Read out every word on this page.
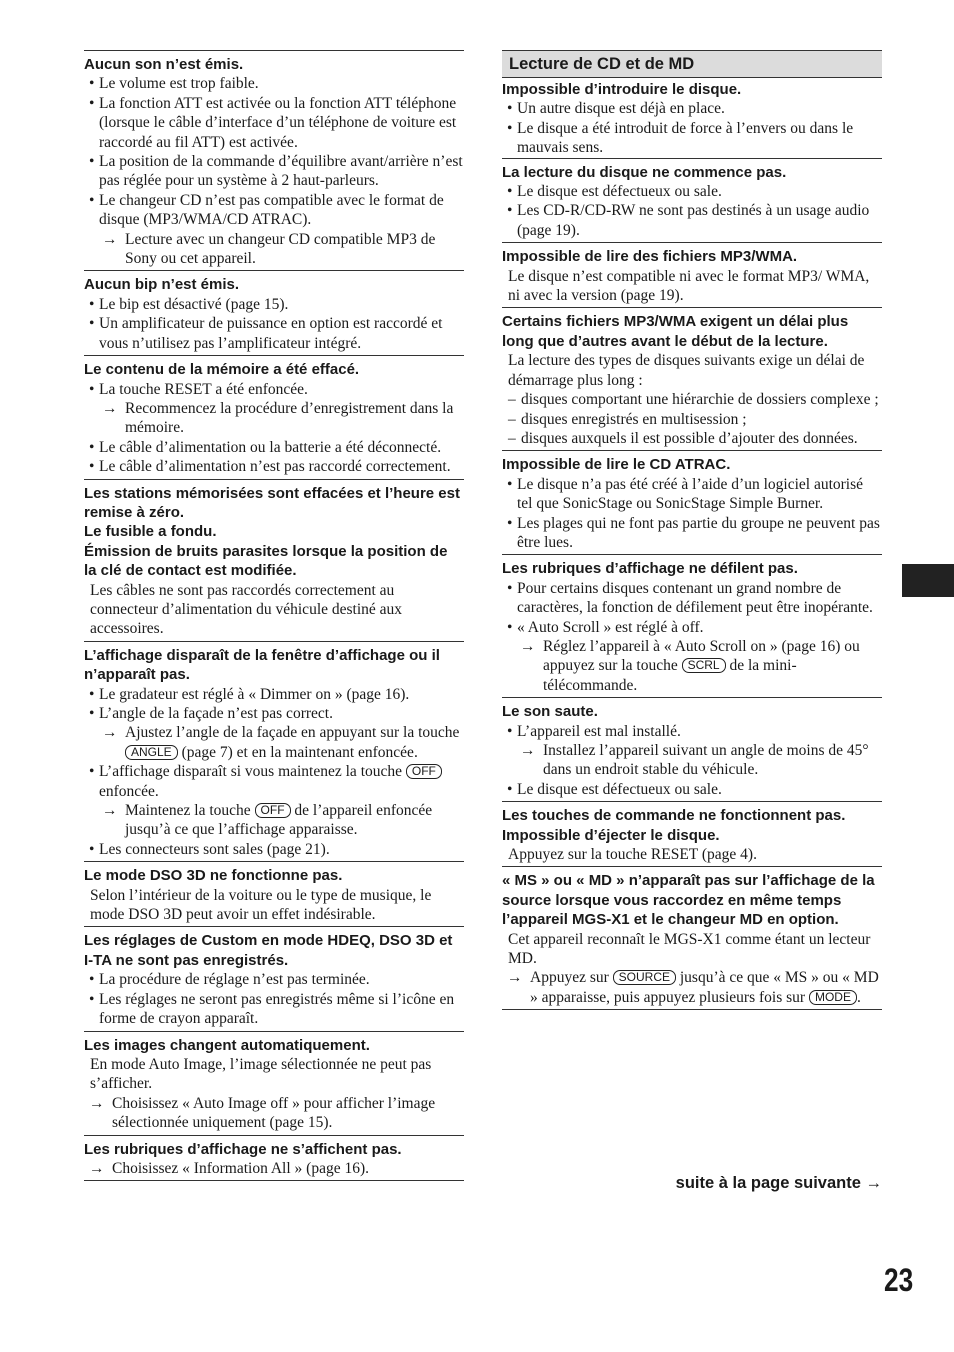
Aucun son n’est émis.

• Le volume est trop faible.

• La fonction ATT est activée ou la fonction ATT téléphone (lorsque le câble d’interface d’un téléphone de voiture est raccordé au fil ATT) est activée.

• La position de la commande d’équilibre avant/arrière n’est pas réglée pour un système à 2 haut-parleurs.

• Le changeur CD n’est pas compatible avec le format de disque (MP3/WMA/CD ATRAC).

→ Lecture avec un changeur CD compatible MP3 de Sony ou cet appareil.

Aucun bip n’est émis.

• Le bip est désactivé (page 15).

• Un amplificateur de puissance en option est raccordé et vous n’utilisez pas l’amplificateur intégré.

Le contenu de la mémoire a été effacé.

• La touche RESET a été enfoncée.

→ Recommencez la procédure d’enregistrement dans la mémoire.

• Le câble d’alimentation ou la batterie a été déconnecté.

• Le câble d’alimentation n’est pas raccordé correctement.

Les stations mémorisées sont effacées et l’heure est remise à zéro.

Le fusible a fondu.

Émission de bruits parasites lorsque la position de la clé de contact est modifiée.

Les câbles ne sont pas raccordés correctement au connecteur d’alimentation du véhicule destiné aux accessoires.

L’affichage disparaît de la fenêtre d’affichage ou il n’apparaît pas.

• Le gradateur est réglé à « Dimmer on » (page 16).

• L’angle de la façade n’est pas correct.

→ Ajustez l’angle de la façade en appuyant sur la touche ANGLE (page 7) et en la maintenant enfoncée.

• L’affichage disparaît si vous maintenez la touche OFF enfoncée.

→ Maintenez la touche OFF de l’appareil enfoncée jusqu’à ce que l’affichage apparaisse.

• Les connecteurs sont sales (page 21).

Le mode DSO 3D ne fonctionne pas.

Selon l’intérieur de la voiture ou le type de musique, le mode DSO 3D peut avoir un effet indésirable.

Les réglages de Custom en mode HDEQ, DSO 3D et I-TA ne sont pas enregistrés.

• La procédure de réglage n’est pas terminée.

• Les réglages ne seront pas enregistrés même si l’icône en forme de crayon apparaît.

Les images changent automatiquement.

En mode Auto Image, l’image sélectionnée ne peut pas s’afficher.

→ Choisissez « Auto Image off » pour afficher l’image sélectionnée uniquement (page 15).

Les rubriques d’affichage ne s’affichent pas.

→ Choisissez « Information All » (page 16).

Lecture de CD et de MD

Impossible d’introduire le disque.

• Un autre disque est déjà en place.

• Le disque a été introduit de force à l’envers ou dans le mauvais sens.

La lecture du disque ne commence pas.

• Le disque est défectueux ou sale.

• Les CD-R/CD-RW ne sont pas destinés à un usage audio (page 19).

Impossible de lire des fichiers MP3/WMA.

Le disque n’est compatible ni avec le format MP3/ WMA, ni avec la version (page 19).

Certains fichiers MP3/WMA exigent un délai plus long que d’autres avant le début de la lecture.

La lecture des types de disques suivants exige un délai de démarrage plus long :

– disques comportant une hiérarchie de dossiers complexe ;

– disques enregistrés en multisession ;

– disques auxquels il est possible d’ajouter des données.

Impossible de lire le CD ATRAC.

• Le disque n’a pas été créé à l’aide d’un logiciel autorisé tel que SonicStage ou SonicStage Simple Burner.

• Les plages qui ne font pas partie du groupe ne peuvent pas être lues.

Les rubriques d’affichage ne défilent pas.

• Pour certains disques contenant un grand nombre de caractères, la fonction de défilement peut être inopérante.

• « Auto Scroll » est réglé à off.

→ Réglez l’appareil à « Auto Scroll on » (page 16) ou appuyez sur la touche SCRL de la mini-télécommande.

Le son saute.

• L’appareil est mal installé.

→ Installez l’appareil suivant un angle de moins de 45° dans un endroit stable du véhicule.

• Le disque est défectueux ou sale.

Les touches de commande ne fonctionnent pas.

Impossible d’éjecter le disque.

Appuyez sur la touche RESET (page 4).

« MS » ou « MD » n’apparaît pas sur l’affichage de la source lorsque vous raccordez en même temps l’appareil MGS-X1 et le changeur MD en option.

Cet appareil reconnaît le MGS-X1 comme étant un lecteur MD.

→ Appuyez sur SOURCE jusqu’à ce que « MS » ou « MD » apparaisse, puis appuyez plusieurs fois sur MODE .

suite à la page suivante →
23
